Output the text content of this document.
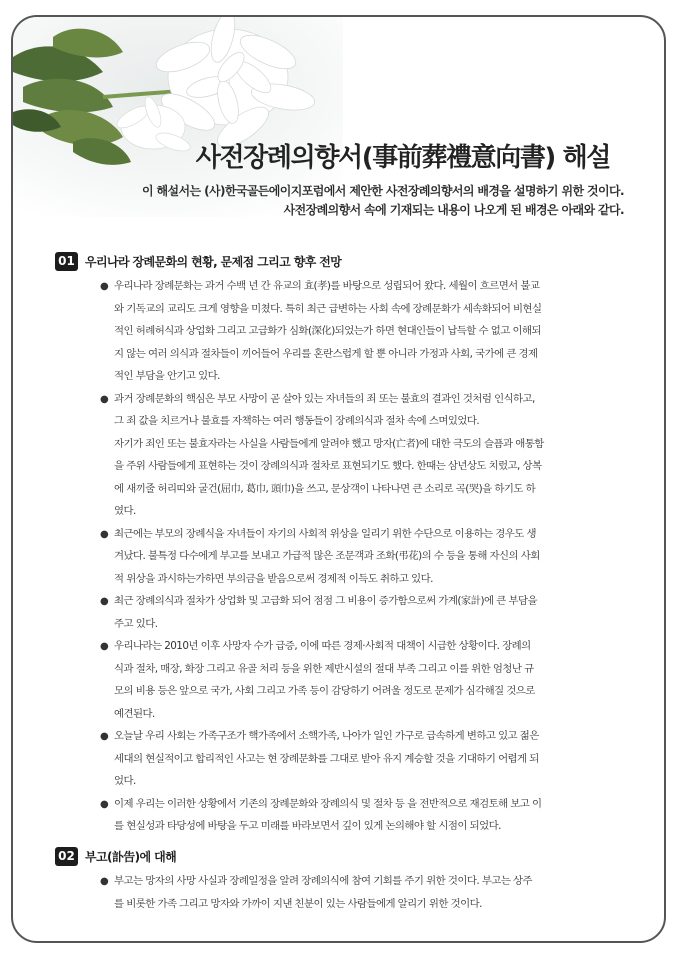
사전장례의향서(事前葬禮意向書) 해설
이 해설서는 (사)한국골든에이지포럼에서 제안한 사전장례의향서의 배경을 설명하기 위한 것이다.
사전장례의향서 속에 기재되는 내용이 나오게 된 배경은 아래와 같다.
01 우리나라 장례문화의 현황, 문제점 그리고 향후 전망
● 우리나라 장례문화는 과거 수백 년 간 유교의 효(孝)를 바탕으로 성립되어 왔다. 세월이 흐르면서 불교
와 기독교의 교리도 크게 영향을 미쳤다. 특히 최근 급변하는 사회 속에 장례문화가 세속화되어 비현실
적인 허례허식과 상업화 그리고 고급화가 심화(深化)되었는가 하면 현대인들이 납득할 수 없고 이해되
지 않는 여러 의식과 절차들이 끼어들어 우리를 혼란스럽게 할 뿐 아니라 가정과 사회, 국가에 큰 경제
적인 부담을 안기고 있다.
● 과거 장례문화의 핵심은 부모 사망이 곧 살아 있는 자녀들의 죄 또는 불효의 결과인 것처럼 인식하고,
그 죄 값을 치르거나 불효를 자책하는 여러 행동들이 장례의식과 절차 속에 스며있었다.
자기가 죄인 또는 불효자라는 사실을 사람들에게 알려야 했고 망자(亡者)에 대한 극도의 슬픔과 애통함
을 주위 사람들에게 표현하는 것이 장례의식과 절차로 표현되기도 했다. 한때는 삼년상도 치렀고, 상복
에 새끼줄 허리띠와 굴건(屈巾, 葛巾, 頭巾)을 쓰고, 문상객이 나타나면 큰 소리로 곡(哭)을 하기도 하
였다.
● 최근에는 부모의 장례식을 자녀들이 자기의 사회적 위상을 일리기 위한 수단으로 이용하는 경우도 생
겨났다. 불특정 다수에게 부고를 보내고 가급적 많은 조문객과 조화(弔花)의 수 등을 통해 자신의 사회
적 위상을 과시하는가하면 부의금을 받음으로써 경제적 이득도 취하고 있다.
● 최근 장례의식과 절차가 상업화 및 고급화 되어 점점 그 비용이 증가함으로써 가계(家計)에 큰 부담을
주고 있다.
● 우리나라는 2010년 이후 사망자 수가 급증, 이에 따른 경제·사회적 대책이 시급한 상황이다. 장례의
식과 절차, 매장, 화장 그리고 유골 처리 등을 위한 제반시설의 절대 부족 그리고 이를 위한 엄청난 규
모의 비용 등은 앞으로 국가, 사회 그리고 가족 등이 감당하기 어려울 정도로 문제가 심각해질 것으로
예견된다.
● 오늘날 우리 사회는 가족구조가 핵가족에서 소핵가족, 나아가 일인 가구로 급속하게 변하고 있고 젊은
세대의 현실적이고 합리적인 사고는 현 장례문화를 그대로 받아 유지 계승할 것을 기대하기 어렵게 되
었다.
● 이제 우리는 이러한 상황에서 기존의 장례문화와 장례의식 및 절차 등 을 전반적으로 재검토해 보고 이
를 현실성과 타당성에 바탕을 두고 미래를 바라보면서 깊이 있게 논의해야 할 시점이 되었다.
02 부고(訃告)에 대해
● 부고는 망자의 사망 사실과 장례일정을 알려 장례의식에 참여 기회를 주기 위한 것이다. 부고는 상주
를 비롯한 가족 그리고 망자와 가까이 지낸 친분이 있는 사람들에게 알리기 위한 것이다.
